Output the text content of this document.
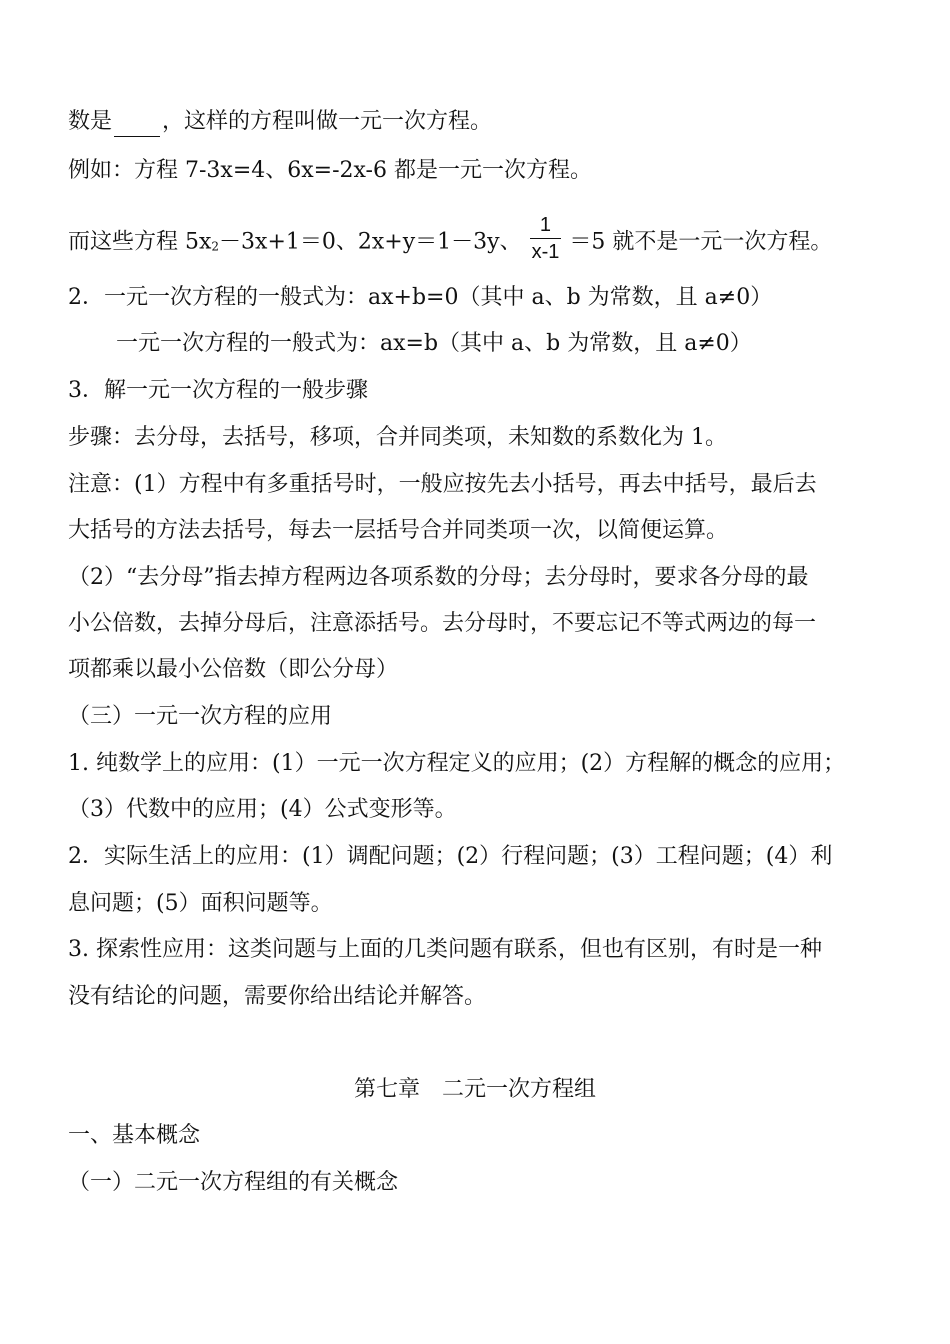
数是 ，这样的方程叫做一元一次方程。
例如：方程 7-3x=4、6x=-2x-6 都是一元一次方程。
而这些方程 5x2－3x+1＝0、2x+y＝1－3y、 $\frac{1}{x-1} =5$ 就不是一元一次方程。
2．一元一次方程的一般式为：ax+b=0（其中 a、b 为常数，且 a≠0）
一元一次方程的一般式为：ax=b（其中 a、b 为常数，且 a≠0）
3．解一元一次方程的一般步骤
步骤：去分母，去括号，移项，合并同类项，未知数的系数化为 1。
注意：(1）方程中有多重括号时，一般应按先去小括号，再去中括号，最后去
大括号的方法去括号，每去一层括号合并同类项一次，以简便运算。
（2）“去分母”指去掉方程两边各项系数的分母；去分母时，要求各分母的最
小公倍数，去掉分母后，注意添括号。去分母时，不要忘记不等式两边的每一
项都乘以最小公倍数（即公分母）
（三）一元一次方程的应用
1. 纯数学上的应用：(1）一元一次方程定义的应用；(2）方程解的概念的应用；
（3）代数中的应用；(4）公式变形等。
2．实际生活上的应用：(1）调配问题；(2）行程问题；(3）工程问题；(4）利
息问题；(5）面积问题等。
3. 探索性应用：这类问题与上面的几类问题有联系，但也有区别，有时是一种
没有结论的问题，需要你给出结论并解答。
第七章　二元一次方程组
一、基本概念
（一）二元一次方程组的有关概念
